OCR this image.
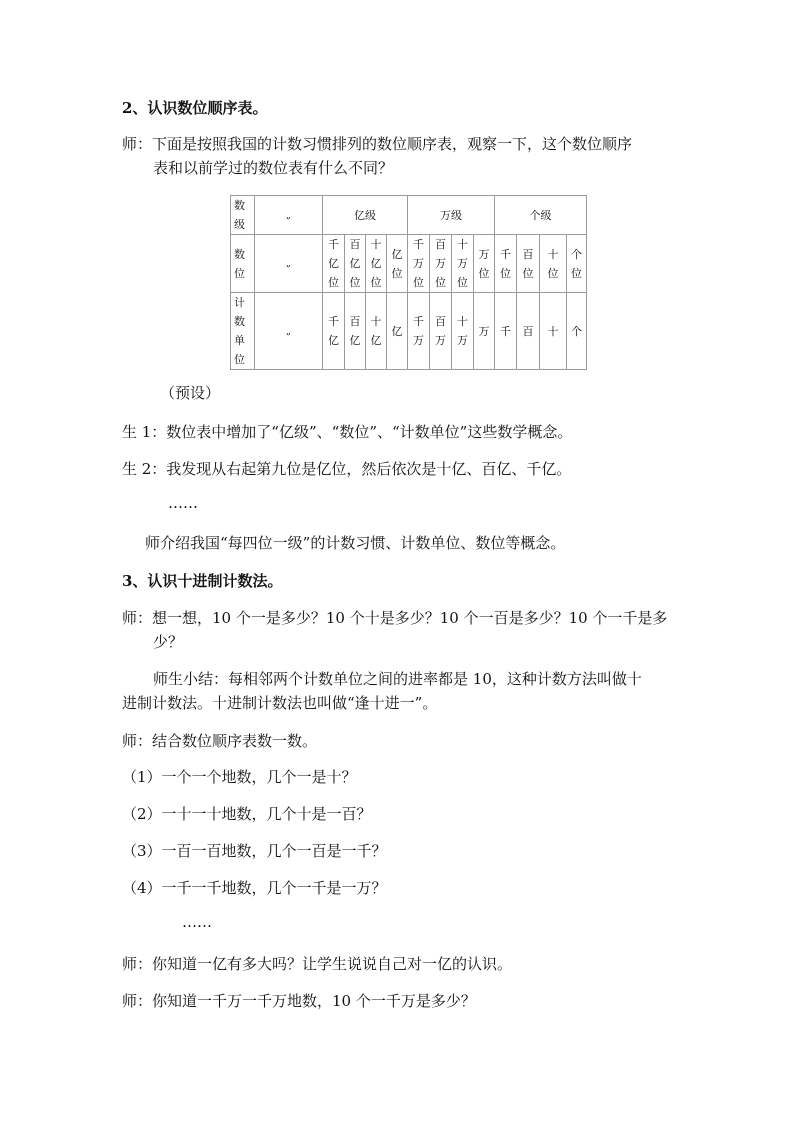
2、认识数位顺序表。
师：下面是按照我国的计数习惯排列的数位顺序表，观察一下，这个数位顺序
表和以前学过的数位表有什么不同？
数级	„	亿级				万级				个级			
数位	„	千亿位	百亿位	十亿位	亿位	千万位	百万位	十万位	万位	千位	百位	十位	个位
计数单位	„	千亿	百亿	十亿	亿	千万	百万	十万	万	千	百	十	个
（预设）
生 1：数位表中增加了“亿级”、“数位”、“计数单位”这些数学概念。
生 2：我发现从右起第九位是亿位，然后依次是十亿、百亿、千亿。
……
师介绍我国“每四位一级”的计数习惯、计数单位、数位等概念。
3、认识十进制计数法。
师：想一想，10 个一是多少？10 个十是多少？10 个一百是多少？10 个一千是多
少？
师生小结：每相邻两个计数单位之间的进率都是 10，这种计数方法叫做十
进制计数法。十进制计数法也叫做“逢十进一”。
师：结合数位顺序表数一数。
（1）一个一个地数，几个一是十？
（2）一十一十地数，几个十是一百？
（3）一百一百地数，几个一百是一千？
（4）一千一千地数，几个一千是一万？
……
师：你知道一亿有多大吗？让学生说说自己对一亿的认识。
师：你知道一千万一千万地数，10 个一千万是多少？
